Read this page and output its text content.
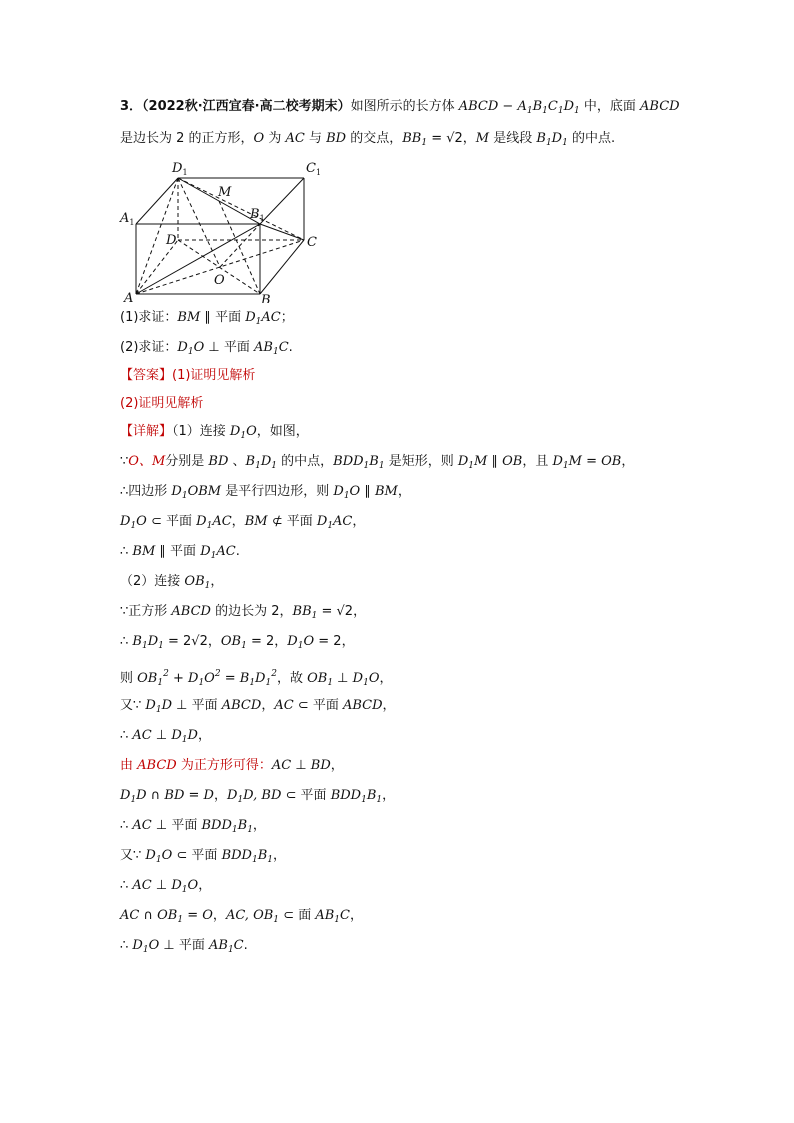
3．（2022秋·江西宜春·高二校考期末）如图所示的长方体 ABCD − $A_1B_1C_1D_1$ 中，底面 ABCD
是边长为 2 的正方形，O 为 AC 与 BD 的交点，$BB_1 = √2$，M 是线段 $B_1D_1$ 的中点.
$D_1$	$C_1$
$A_1$
$B_1$
M
D	C
O
A	B
(1)求证：BM ∥ 平面 $D_1AC$；
(2)求证：$D_1O$ ⊥ 平面 $AB_1C$.
【答案】(1)证明见解析
(2)证明见解析
【详解】（1）连接 $D_1O$，如图，
∵O、M分别是 BD 、$B_1D_1$ 的中点，$BDD_1B_1$ 是矩形，则 $D_1M$ ∥ OB，且 $D_1M$ = OB，
∴四边形 $D_1OBM$ 是平行四边形，则 $D_1O$ ∥ BM，
$D_1O$ ⊂ 平面 $D_1AC$，BM ⊄ 平面 $D_1AC$，
∴ BM ∥ 平面 $D_1AC$.
（2）连接 $OB_1$，
∵正方形 ABCD 的边长为 2，$BB_1 = √2$，
∴ $B_1D_1 = 2√2$，$OB_1 = 2$，$D_1O = 2$，
则 $OB_1^2 + D_1O^2 = B_1D_1^2$，故 $OB_1$ ⊥ $D_1O$，
又∵ $D_1D$ ⊥ 平面 ABCD，AC ⊂ 平面 ABCD，
∴ AC ⊥ $D_1D$，
由 ABCD 为正方形可得：AC ⊥ BD，
$D_1D$ ∩ BD = D，$D_1D$, BD ⊂ 平面 $BDD_1B_1$，
∴ AC ⊥ 平面 $BDD_1B_1$，
又∵ $D_1O$ ⊂ 平面 $BDD_1B_1$，
∴ AC ⊥ $D_1O$，
AC ∩ $OB_1 = O$，AC, $OB_1$ ⊂ 面 $AB_1C$，
∴ $D_1O$ ⊥ 平面 $AB_1C$.
